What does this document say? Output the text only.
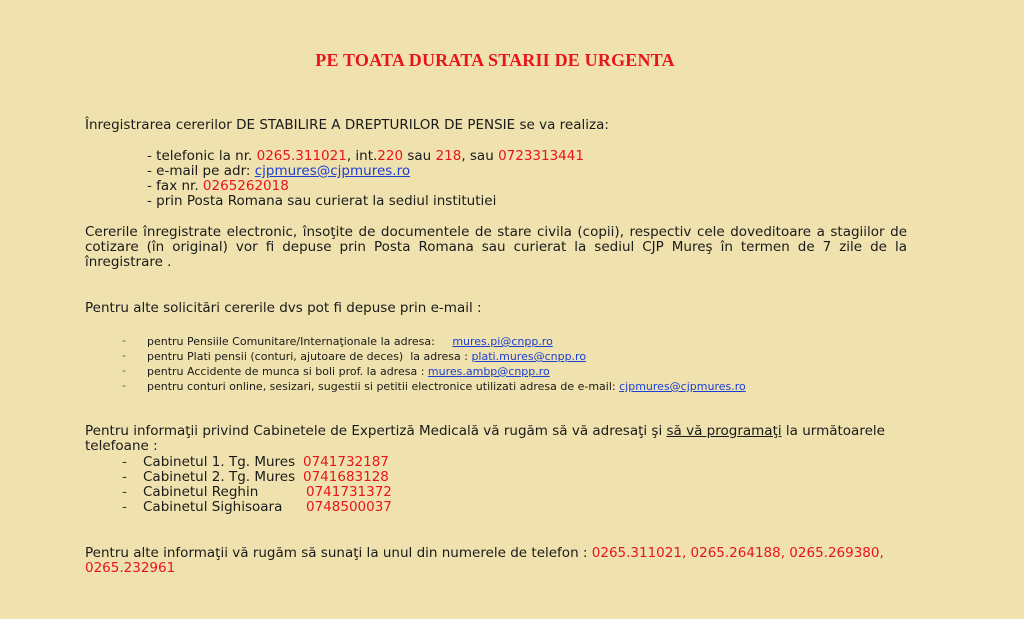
PE TOATA DURATA STARII DE URGENTA
Înregistrarea cererilor DE STABILIRE A DREPTURILOR DE PENSIE se va realiza:
- telefonic la nr. 0265.311021, int.220 sau 218, sau 0723313441
- e-mail pe adr: cjpmures@cjpmures.ro
- fax nr. 0265262018
- prin Posta Romana sau curierat la sediul institutiei
Cererile înregistrate electronic, însoţite de documentele de stare civila (copii), respectiv cele doveditoare a stagiilor de cotizare (în original) vor fi depuse prin Posta Romana sau curierat la sediul CJP Mureş în termen de 7 zile de la înregistrare .
Pentru alte solicitări cererile dvs pot fi depuse prin e-mail :
- pentru Pensiile Comunitare/Internaţionale la adresa:     mures.pi@cnpp.ro
- pentru Plati pensii (conturi, ajutoare de deces)  la adresa : plati.mures@cnpp.ro
- pentru Accidente de munca si boli prof. la adresa : mures.ambp@cnpp.ro
- pentru conturi online, sesizari, sugestii si petitii electronice utilizati adresa de e-mail: cjpmures@cjpmures.ro
Pentru informaţii privind Cabinetele de Expertiză Medicală vă rugăm să vă adresaţi şi să vă programaţi la următoarele telefoane :
- Cabinetul 1. Tg. Mures 0741732187
- Cabinetul 2. Tg. Mures 0741683128
- Cabinetul Reghin	0741731372
- Cabinetul Sighisoara 0748500037
Pentru alte informaţii vă rugăm să sunaţi la unul din numerele de telefon : 0265.311021, 0265.264188, 0265.269380, 0265.232961
